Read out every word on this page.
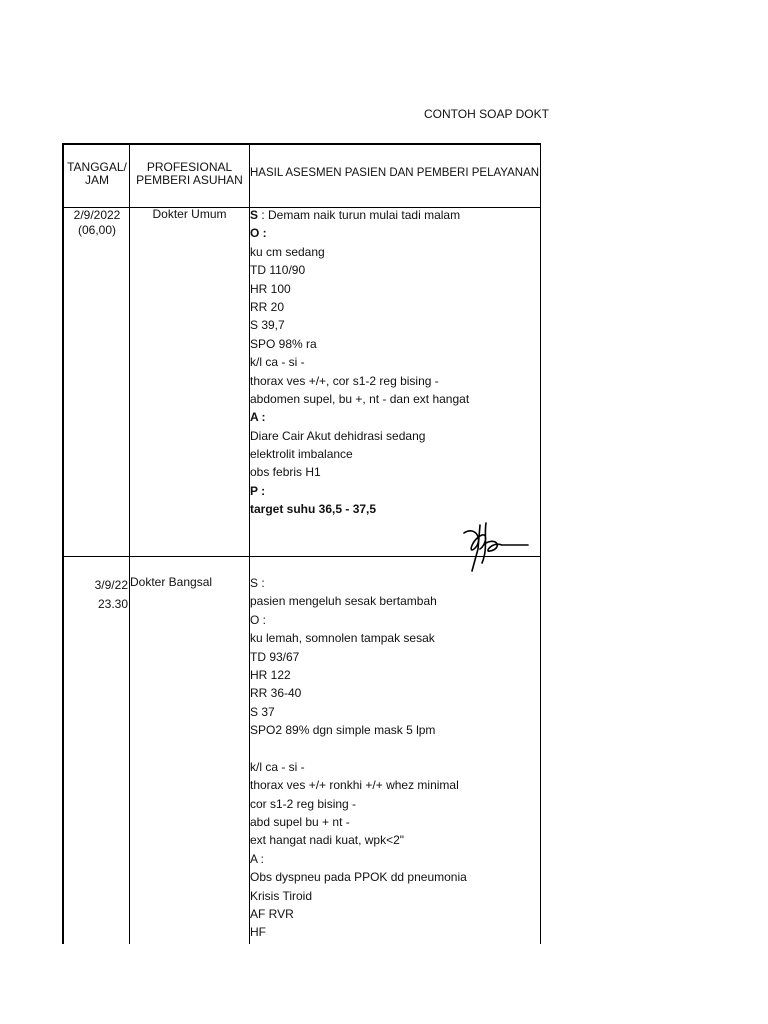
CONTOH SOAP DOKT
TANGGAL/
JAM
PROFESIONAL
PEMBERI ASUHAN HASIL ASESMEN PASIEN DAN PEMBERI PELAYANAN
2/9/2022
(06,00)
Dokter Umum	S : Demam naik turun mulai tadi malam
O :
ku cm sedang
TD 110/90
HR 100
RR 20
S 39,7
SPO 98% ra
k/l ca - si -
thorax ves +/+, cor s1-2 reg bising -
abdomen supel, bu +, nt - dan ext hangat
A :
Diare Cair Akut dehidrasi sedang
elektrolit imbalance
obs febris H1
P :
target suhu 36,5 - 37,5
3/9/22
23.30
Dokter Bangsal	S :
pasien mengeluh sesak bertambah
O :
ku lemah, somnolen tampak sesak
TD 93/67
HR 122
RR 36-40
S 37
SPO2 89% dgn simple mask 5 lpm
k/l ca - si -
thorax ves +/+ ronkhi +/+ whez minimal
cor s1-2 reg bising -
abd supel bu + nt -
ext hangat nadi kuat, wpk<2"
A :
Obs dyspneu pada PPOK dd pneumonia
Krisis Tiroid
AF RVR
HF
